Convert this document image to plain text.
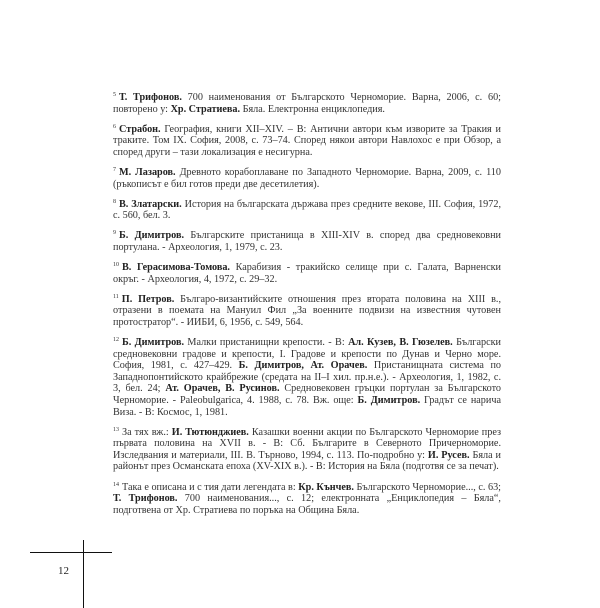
$^5$ Т. Трифонов. 700 наименования от Българското Черноморие. Варна, 2006, с. 60; повторено у: Хр. Стратиева. Бяла. Електронна енциклопедия.

$^6$ Страбон. География, книги XII–XIV. – В: Антични автори към изворите за Тракия и траките. Том IX. София, 2008, с. 73–74. Според някои автори Навлохос е при Обзор, а според други – тази локализация е несигурна.

$^7$ М. Лазаров. Древното корабоплаване по Западното Черноморие. Варна, 2009, с. 110 (ръкописът е бил готов преди две десетилетия).

$^8$ В. Златарски. История на българската държава през средните векове, III. София, 1972, с. 560, бел. 3.

$^9$ Б. Димитров. Българските пристанища в XIII-XIV в. според два средновековни портулана. - Археология, 1, 1979, с. 23.

$^{10}$ В. Герасимова-Томова. Карабизия - тракийско селище при с. Галата, Варненски окръг. - Археология, 4, 1972, с. 29–32.

$^{11}$ П. Петров. Българо-византийските отношения през втората половина на XIII в., отразени в поемата на Мануил Фил „За военните подвизи на известния чутовен протостратор“. - ИИБИ, 6, 1956, с. 549, 564.

$^{12}$ Б. Димитров. Малки пристанищни крепости. - В: Ал. Кузев, В. Гюзелев. Български средновековни градове и крепости, I. Градове и крепости по Дунав и Черно море. София, 1981, с. 427–429. Б. Димитров, Ат. Орачев. Пристанищната система по Западнопонтийското крайбрежие (средата на II–I хил. пр.н.е.). - Археология, 1, 1982, с. 3, бел. 24; Ат. Орачев, В. Русинов. Средновековен гръцки портулан за Българското Черноморие. - Paleobulgarica, 4. 1988, с. 78. Вж. още: Б. Димитров. Градът се нарича Виза. - В: Космос, 1, 1981.

$^{13}$ За тях вж.: И. Тютюнджиев. Казашки военни акции по Българското Черноморие през първата половина на XVII в. - В: Сб. Българите в Северното Причерноморие. Изследвания и материали, III. В. Търново, 1994, с. 113. По-подробно у: И. Русев. Бяла и районът през Османската епоха (XV-XIX в.). - В: История на Бяла (подготвя се за печат).

$^{14}$ Така е описана и с тия дати легендата в: Кр. Кънчев. Българското Черноморие..., с. 63; Т. Трифонов. 700 наименования..., с. 12; електронната „Енциклопедия – Бяла“, подготвена от Хр. Стратиева по поръка на Община Бяла.

12
